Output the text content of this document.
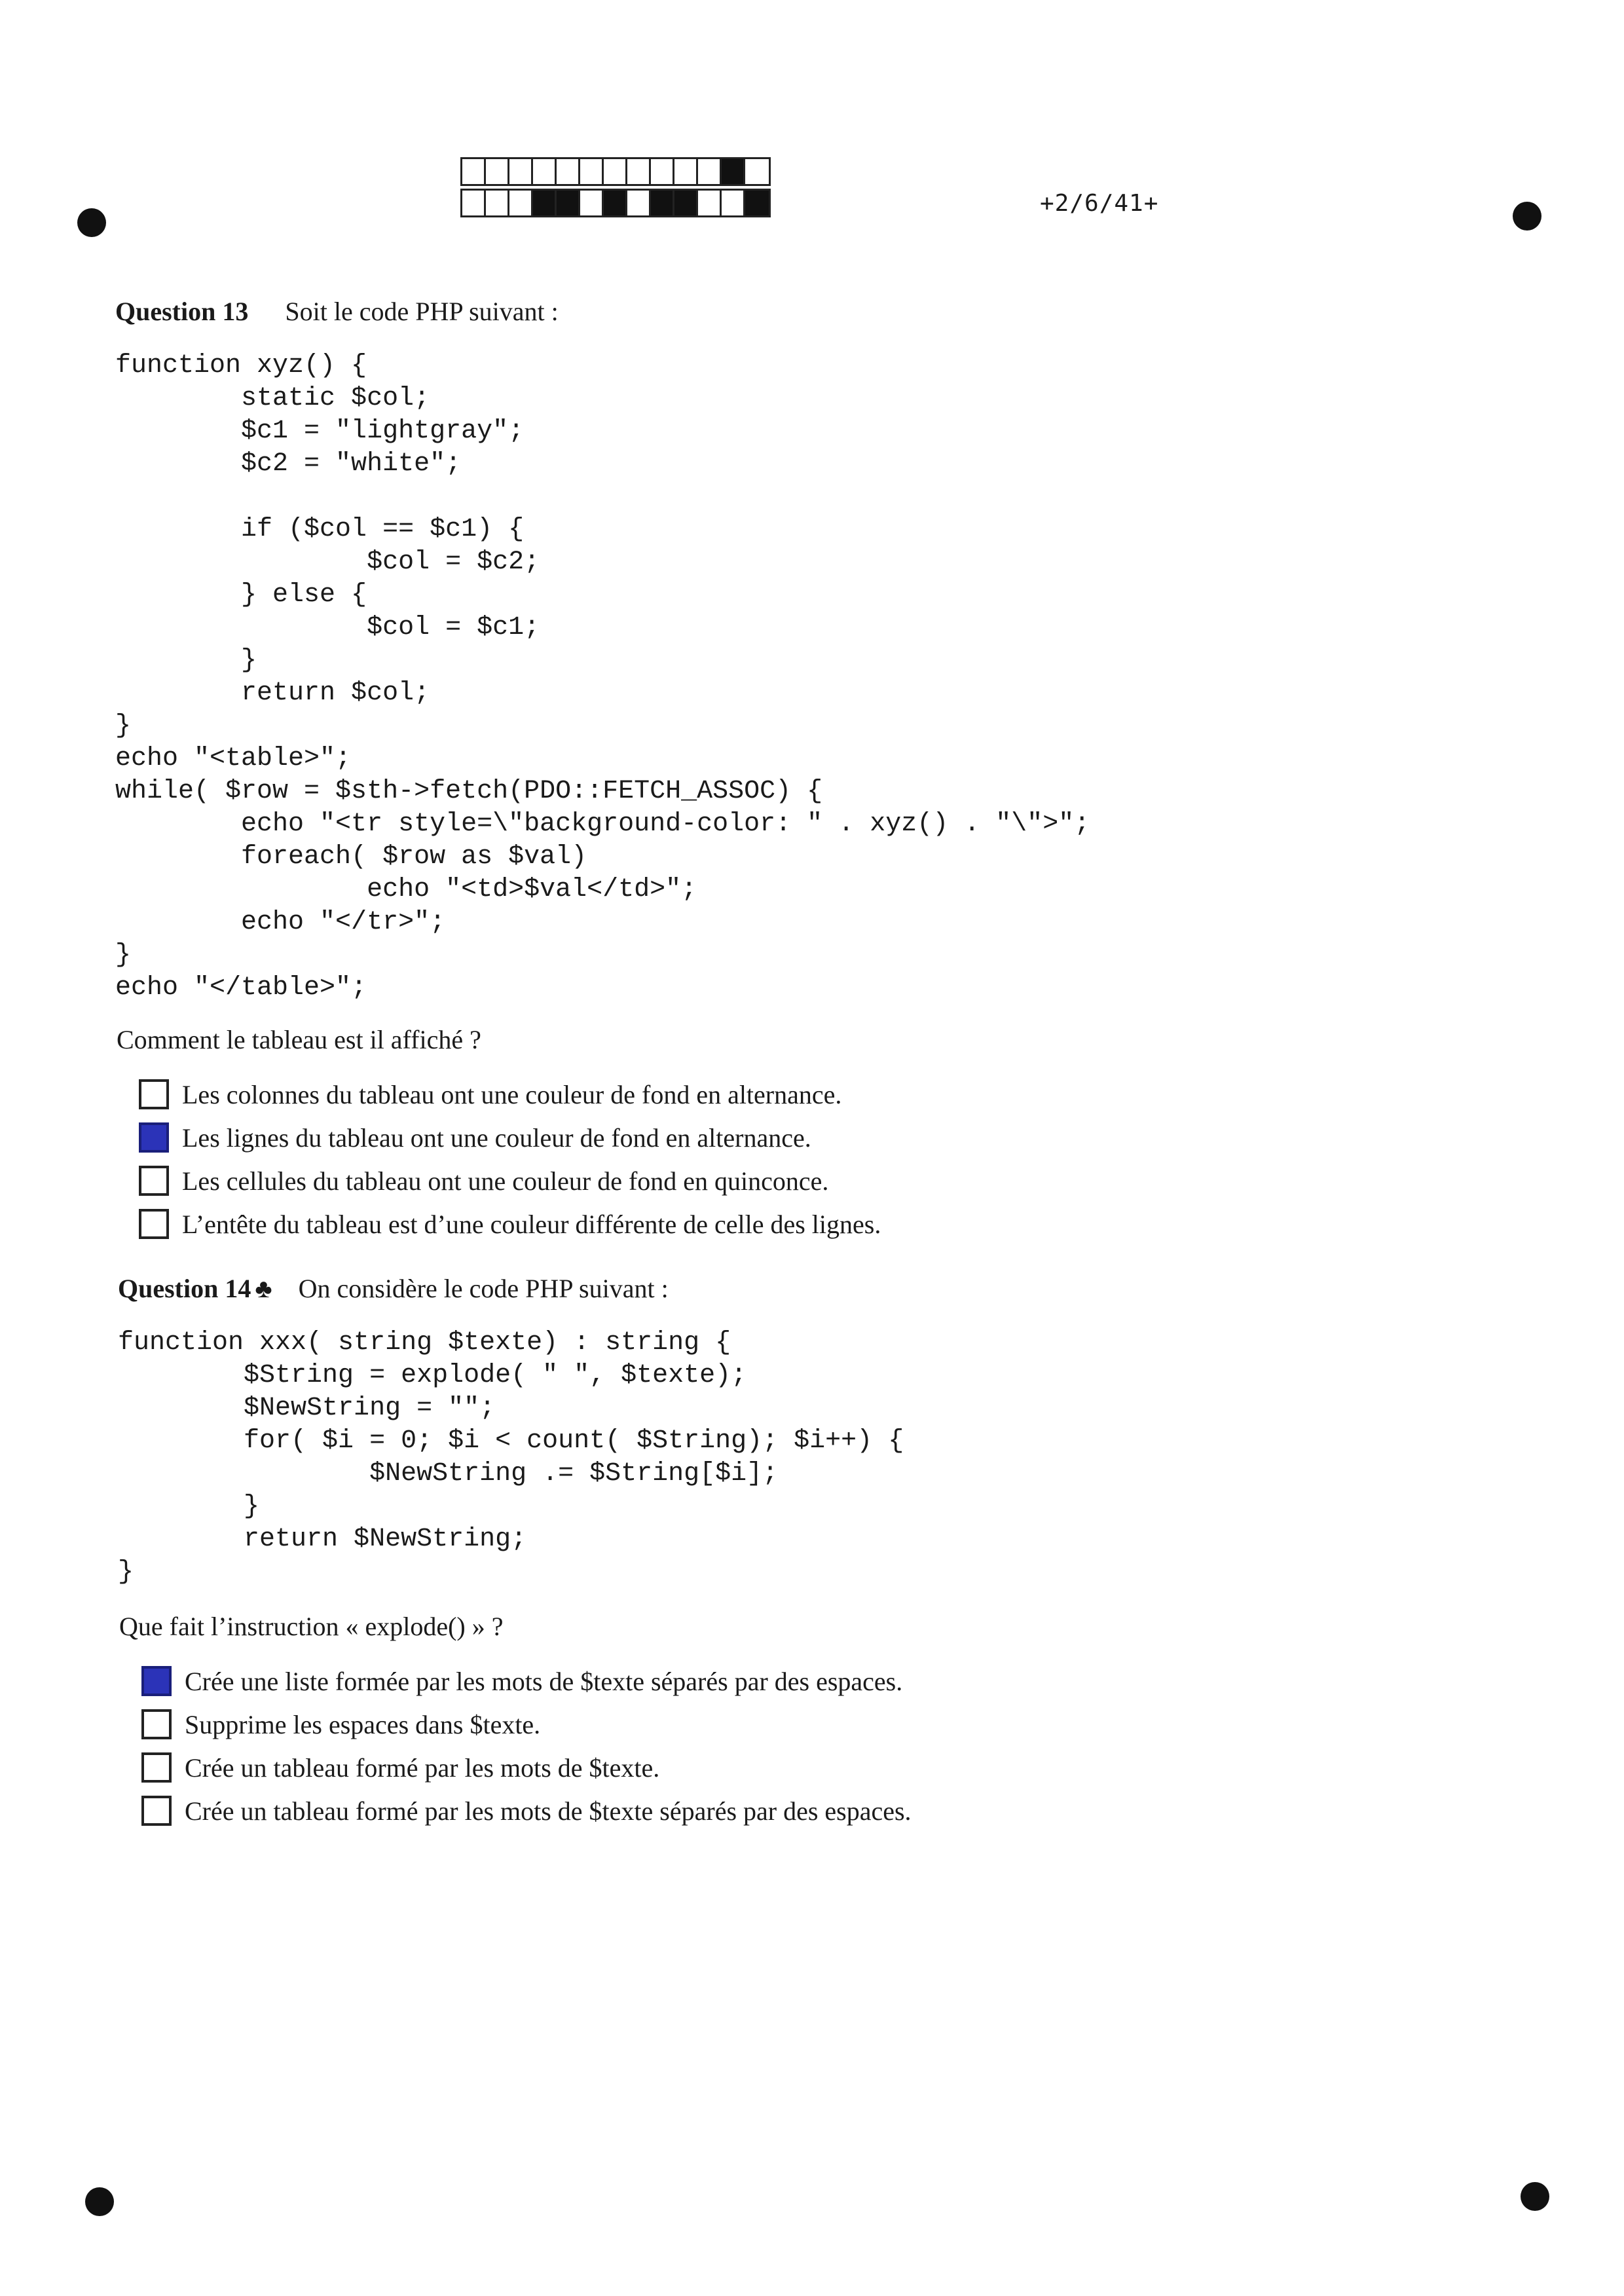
+2/6/41+
Question 13 Soit le code PHP suivant :
function xyz() {
static $col;
$c1 = "lightgray";
$c2 = "white";

if ($col == $c1) {
$col = $c2;
} else {
$col = $c1;
}
return $col;
}
echo "<table>";
while( $row = $sth->fetch(PDO::FETCH_ASSOC) {
echo "<tr style=\"background-color: " . xyz() . "\">";
foreach( $row as $val)
echo "<td>$val</td>";
echo "</tr>";
}
echo "</table>";
Comment le tableau est il affiché ?
Les colonnes du tableau ont une couleur de fond en alternance.
Les lignes du tableau ont une couleur de fond en alternance.
Les cellules du tableau ont une couleur de fond en quinconce.
L’entête du tableau est d’une couleur différente de celle des lignes.
Question 14 ♣ On considère le code PHP suivant :
function xxx( string $texte) : string {
$String = explode( " ", $texte);
$NewString = "";
for( $i = 0; $i < count( $String); $i++) {
$NewString .= $String[$i];
}
return $NewString;
}
Que fait l’instruction « explode() » ?
Crée une liste formée par les mots de $texte séparés par des espaces.
Supprime les espaces dans $texte.
Crée un tableau formé par les mots de $texte.
Crée un tableau formé par les mots de $texte séparés par des espaces.
